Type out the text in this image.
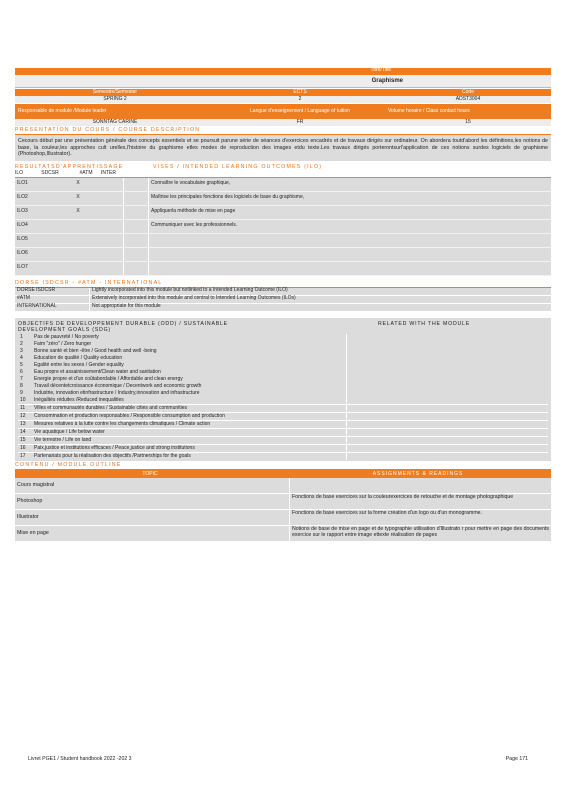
Titre/Title
Graphisme
Semestre/Semester	ECTS	Code
SPRING 2	2	ADST3004
Responsable de module /Module leader	Langue d'enseignement / Language of tuition	Volume horaire / Class contact hours
SONNTAG CARINE	FR	15
PRESENTATION DU COURS / COURSE DESCRIPTION
Cecours début par une présentation générale des concepts essentiels et se poursuit parune série de séances d'exercices encadrés et de travaux dirigés sur ordinateur. On abordera toutd'abord les définitions,les notions de base, la couleur,les approches cult urelles,l'histoire du graphisme etles modes de reproduction des images etdu texte.Les travaux dirigés porterontsurl'application de ces notions surdes logiciels de graphisme (Photoshop,Illustrator).
RESULTATSD'APPRENTISSAGE	VISES / INTENDED LEARNING OUTCOMES (ILO)
ILO	SDCSR	#ATM	INTER
ILO1	X		Connaître le vocabulaire graphique,
ILO2	X		Maîtrise les principales fonctions des logiciels de base du graphisme,
ILO3	X		Appliquerla méthode de mise en page
ILO4			Communiquer avec les professionnels.
ILO5			
ILO6			
ILO7			
DORSE ISDCSR - #ATM - INTERNATIONAL
DORSE ISDCSR	Lightly incorporated into this module but notlinked to a Intended Learning Outcome (ILO)
#ATM	Extensively incorporated into this module and central to Intended Learning Outcomes (ILOs)
INTERNATIONAL	Not appropriate for this module
OBJECTIFS DE DEVELOPPEMENT DURABLE (ODD) / SUSTAINABLE
DEVELOPMENT GOALS (SDG)
RELATED WITH THE MODULE
1	Pas de pauvreté / No poverty	
2	Faim "zéro" / Zero hunger	
3	Bonne santé et bien -être / Good health and well -being	
4	Education de qualité / Quality education	
5	Egalité entre les sexes / Gender equality	
6	Eau propre et assainissement/Clean water and sanitation	
7	Energie propre et d'un coûtabordable / Affordable and clean energy	
8	Travail décentetcroissance économique / Decentwork and economic growth	
9	Industrie, innovation etinfrastructure / Industry,innovation and infrastructure	
10	Inégalités réduites /Reduced inequalities	
11	Villes et communautés durables / Sustainable cities and communities	
12	Consommation et production responsables / Responsible consumption and production	
13	Mesures relatives à la lutte contre les changements climatiques / Climate action	
14	Vie aquatique / Life below water	
15	Vie terrestre / Life on land	
16	Paix,justice et institutions efficaces / Peace,justice and strong institutions	
17	Partenariats pour la réalisation des objectifs /Partnerships for the goals	
CONTENU / MODULE OUTLINE
TOPIC	ASSIGNMENTS & READINGS
Cours magistral	
Photoshop	Fonctions de base exercices sur la couleurexercices de retouche et de montage photographique
Illustrator	Fonctions de base exercices sur la forme création d'un logo ou d'un monogramme.
Mise en page	Notions de base de mise en page et de typographie utilisation d'Illustrato r pour mettre en page des documents exercice sur le rapport entre image ettexte réalisation de pages
Livret PGE1 / Student handbook 2022 -202 3	Page 171
